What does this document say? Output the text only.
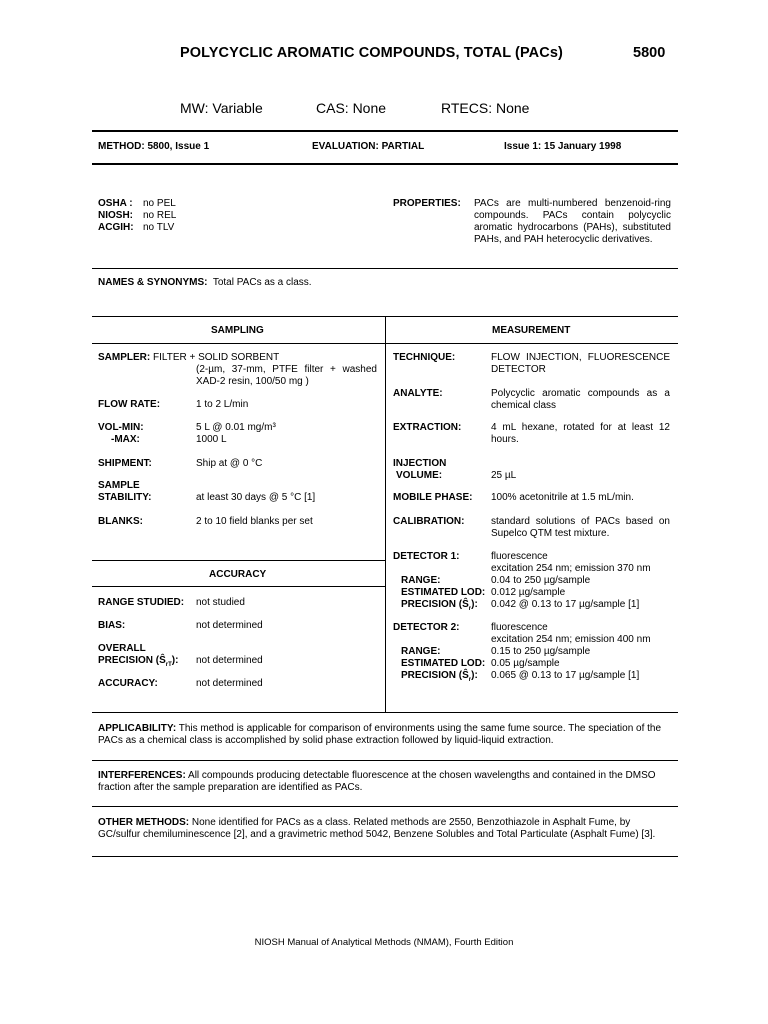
POLYCYCLIC AROMATIC COMPOUNDS, TOTAL (PACs)	5800
MW: Variable	CAS: None	RTECS: None
METHOD: 5800, Issue 1	EVALUATION: PARTIAL	Issue 1: 15 January 1998
OSHA : no PEL
NIOSH: no REL
ACGIH: no TLV
PROPERTIES: PACs are multi-numbered benzenoid-ring compounds. PACs contain polycyclic aromatic hydrocarbons (PAHs), substituted PAHs, and PAH heterocyclic derivatives.
NAMES & SYNONYMS: Total PACs as a class.
SAMPLING	MEASUREMENT
SAMPLER: FILTER + SOLID SORBENT
(2-µm, 37-mm, PTFE filter + washed XAD-2 resin, 100/50 mg )
FLOW RATE:	1 to 2 L/min
VOL-MIN:	5 L @ 0.01 mg/m³
-MAX:	1000 L
SHIPMENT:	Ship at @ 0 °C
SAMPLE
STABILITY:	at least 30 days @ 5 °C [1]
BLANKS:	2 to 10 field blanks per set
ACCURACY
RANGE STUDIED: not studied
BIAS:	not determined
OVERALL
PRECISION $(Ŝ_{rT})$: not determined
ACCURACY:	not determined
TECHNIQUE:	FLOW INJECTION, FLUORESCENCE DETECTOR
ANALYTE:	Polycyclic aromatic compounds as a chemical class
EXTRACTION:	4 mL hexane, rotated for at least 12 hours.
INJECTION
VOLUME:	25 µL
MOBILE PHASE: 100% acetonitrile at 1.5 mL/min.
CALIBRATION:	standard solutions of PACs based on Supelco QTM test mixture.
DETECTOR 1:	fluorescence
excitation 254 nm; emission 370 nm
RANGE:	0.04 to 250 µg/sample
ESTIMATED LOD: 0.012 µg/sample
PRECISION $(Ŝ_r)$: 0.042 @ 0.13 to 17 µg/sample [1]
DETECTOR 2:	fluorescence
excitation 254 nm; emission 400 nm
RANGE:	0.15 to 250 µg/sample
ESTIMATED LOD: 0.05 µg/sample
PRECISION $(Ŝ_r)$: 0.065 @ 0.13 to 17 µg/sample [1]
APPLICABILITY: This method is applicable for comparison of environments using the same fume source. The speciation of the PACs as a chemical class is accomplished by solid phase extraction followed by liquid-liquid extraction.
INTERFERENCES: All compounds producing detectable fluorescence at the chosen wavelengths and contained in the DMSO fraction after the sample preparation are identified as PACs.
OTHER METHODS: None identified for PACs as a class. Related methods are 2550, Benzothiazole in Asphalt Fume, by GC/sulfur chemiluminescence [2], and a gravimetric method 5042, Benzene Solubles and Total Particulate (Asphalt Fume) [3].
NIOSH Manual of Analytical Methods (NMAM), Fourth Edition
